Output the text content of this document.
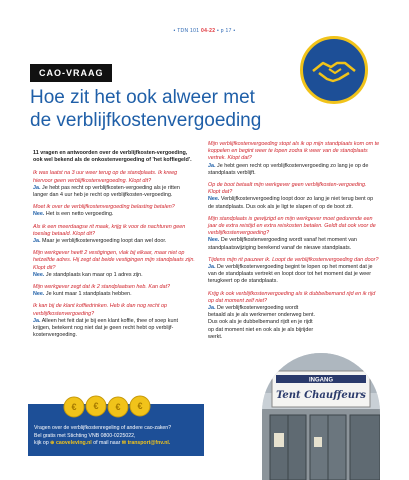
• TDN 101 04-22 • p 17 •
CAO-VRAAG
Hoe zit het ook alweer met
de verblijfkostenvergoeding
11 vragen en antwoorden over de verblijfkosten-vergoeding, ook wel bekend als de onkostenvergoeding of 'het koffiegeld'.
Ik was laatst na 3 uur weer terug op de standplaats. Ik kreeg hiervoor geen verblijfkostenvergoeding. Klopt dit?
Ja. Je hebt pas recht op verblijfkosten-vergoeding als je ritten langer dan 4 uur heb je recht op verblijfkosten-vergoeding.
Moet ik over de verblijfkostenvergoeding belasting betalen?
Nee. Het is een netto vergoeding.
Als ik een meerdaagse rit maak, krijg ik voor de nachturen geen toeslag betaald. Klopt dit?
Ja. Maar je verblijfkostenvergoeding loopt dan wel door.
Mijn werkgever heeft 2 vestigingen, vlak bij elkaar, maar niet op hetzelfde adres. Hij zegt dat beide vestigingen mijn standplaats zijn. Klopt dit?
Nee. Je standplaats kan maar op 1 adres zijn.
Mijn werkgever zegt dat ik 2 standplaatsen heb. Kan dat?
Nee. Je kunt maar 1 standplaats hebben.
Ik kan bij de klant koffiedrinken. Heb ik dan nog recht op verblijfkostenvergoeding?
Ja. Alleen het feit dat je bij een klant koffie, thee of soep kunt krijgen, betekent nog niet dat je geen recht hebt op verblijf-kostenvergoeding.
Mijn verblijfkostenvergoeding stopt als ik op mijn standplaats kom om te koppelen en begint weer te lopen zodra ik weer van de standplaats vertrek. Klopt dat?
Ja. Je hebt geen recht op verblijfkostenvergoeding zo lang je op de standplaats verblijft.
Op de boot betaalt mijn werkgever geen verblijfkosten-vergoeding. Klopt dat?
Nee. Verblijfkostenvergoeding loopt door zo lang je niet terug bent op de standplaats. Dus ook als je ligt te slapen of op de boot zit.
Mijn standplaats is gewijzigd en mijn werkgever moet gedurende een jaar de extra reistijd en extra reiskosten betalen. Geldt dat ook voor de verblijfkostenvergoeding?
Nee. De verblijfkostenvergoeding wordt vanaf het moment van standplaatswijziging berekend vanaf de nieuwe standplaats.
Tijdens mijn rit pauzeer ik. Loopt de verblijfkostenvergoeding dan door?
Ja. De verblijfkostenvergoeding begint te lopen op het moment dat je van de standplaats vertrekt en loopt door tot het moment dat je weer terugkeert op de standplaats.
Krijg ik ook verblijfkostenvergoeding als ik dubbelbemand rijd en ik rijd op dat moment zelf niet?
Ja. De verblijfkostenvergoeding wordt betaald als je als werknemer onderweg bent. Dus ook als je dubbelbemand rijdt en je rijdt op dat moment niet en ook als je als bijrijder werkt.
€ € € €
Vragen over de verblijfkostenregeling of andere cao-zaken?
Bel gratis met Stichting VNB 0800-0225022,
kijk op ⊕ caoveleving.nl of mail naar ✉ transport@fnv.nl.
INGANG
Tent Chauffeurs
